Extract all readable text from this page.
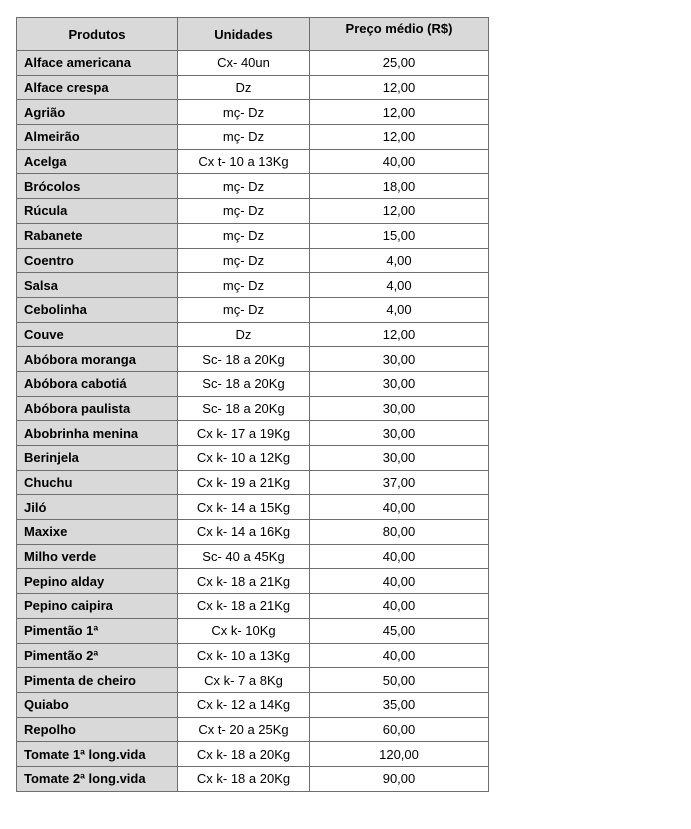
Produtos	Unidades	Preço médio (R$)
Alface americana	Cx- 40un	25,00
Alface crespa	Dz	12,00
Agrião	mç- Dz	12,00
Almeirão	mç- Dz	12,00
Acelga	Cx t- 10 a 13Kg	40,00
Brócolos	mç- Dz	18,00
Rúcula	mç- Dz	12,00
Rabanete	mç- Dz	15,00
Coentro	mç- Dz	4,00
Salsa	mç- Dz	4,00
Cebolinha	mç- Dz	4,00
Couve	Dz	12,00
Abóbora moranga	Sc- 18 a 20Kg	30,00
Abóbora cabotiá	Sc- 18 a 20Kg	30,00
Abóbora paulista	Sc- 18 a 20Kg	30,00
Abobrinha menina	Cx k- 17 a 19Kg	30,00
Berinjela	Cx k- 10 a 12Kg	30,00
Chuchu	Cx k- 19 a 21Kg	37,00
Jiló	Cx k- 14 a 15Kg	40,00
Maxixe	Cx k- 14 a 16Kg	80,00
Milho verde	Sc- 40 a 45Kg	40,00
Pepino alday	Cx k- 18 a 21Kg	40,00
Pepino caipira	Cx k- 18 a 21Kg	40,00
Pimentão 1ª	Cx k- 10Kg	45,00
Pimentão 2ª	Cx k- 10 a 13Kg	40,00
Pimenta de cheiro	Cx k- 7 a 8Kg	50,00
Quiabo	Cx k- 12 a 14Kg	35,00
Repolho	Cx t- 20 a 25Kg	60,00
Tomate 1ª long.vida	Cx k- 18 a 20Kg	120,00
Tomate 2ª long.vida	Cx k- 18 a 20Kg	90,00
